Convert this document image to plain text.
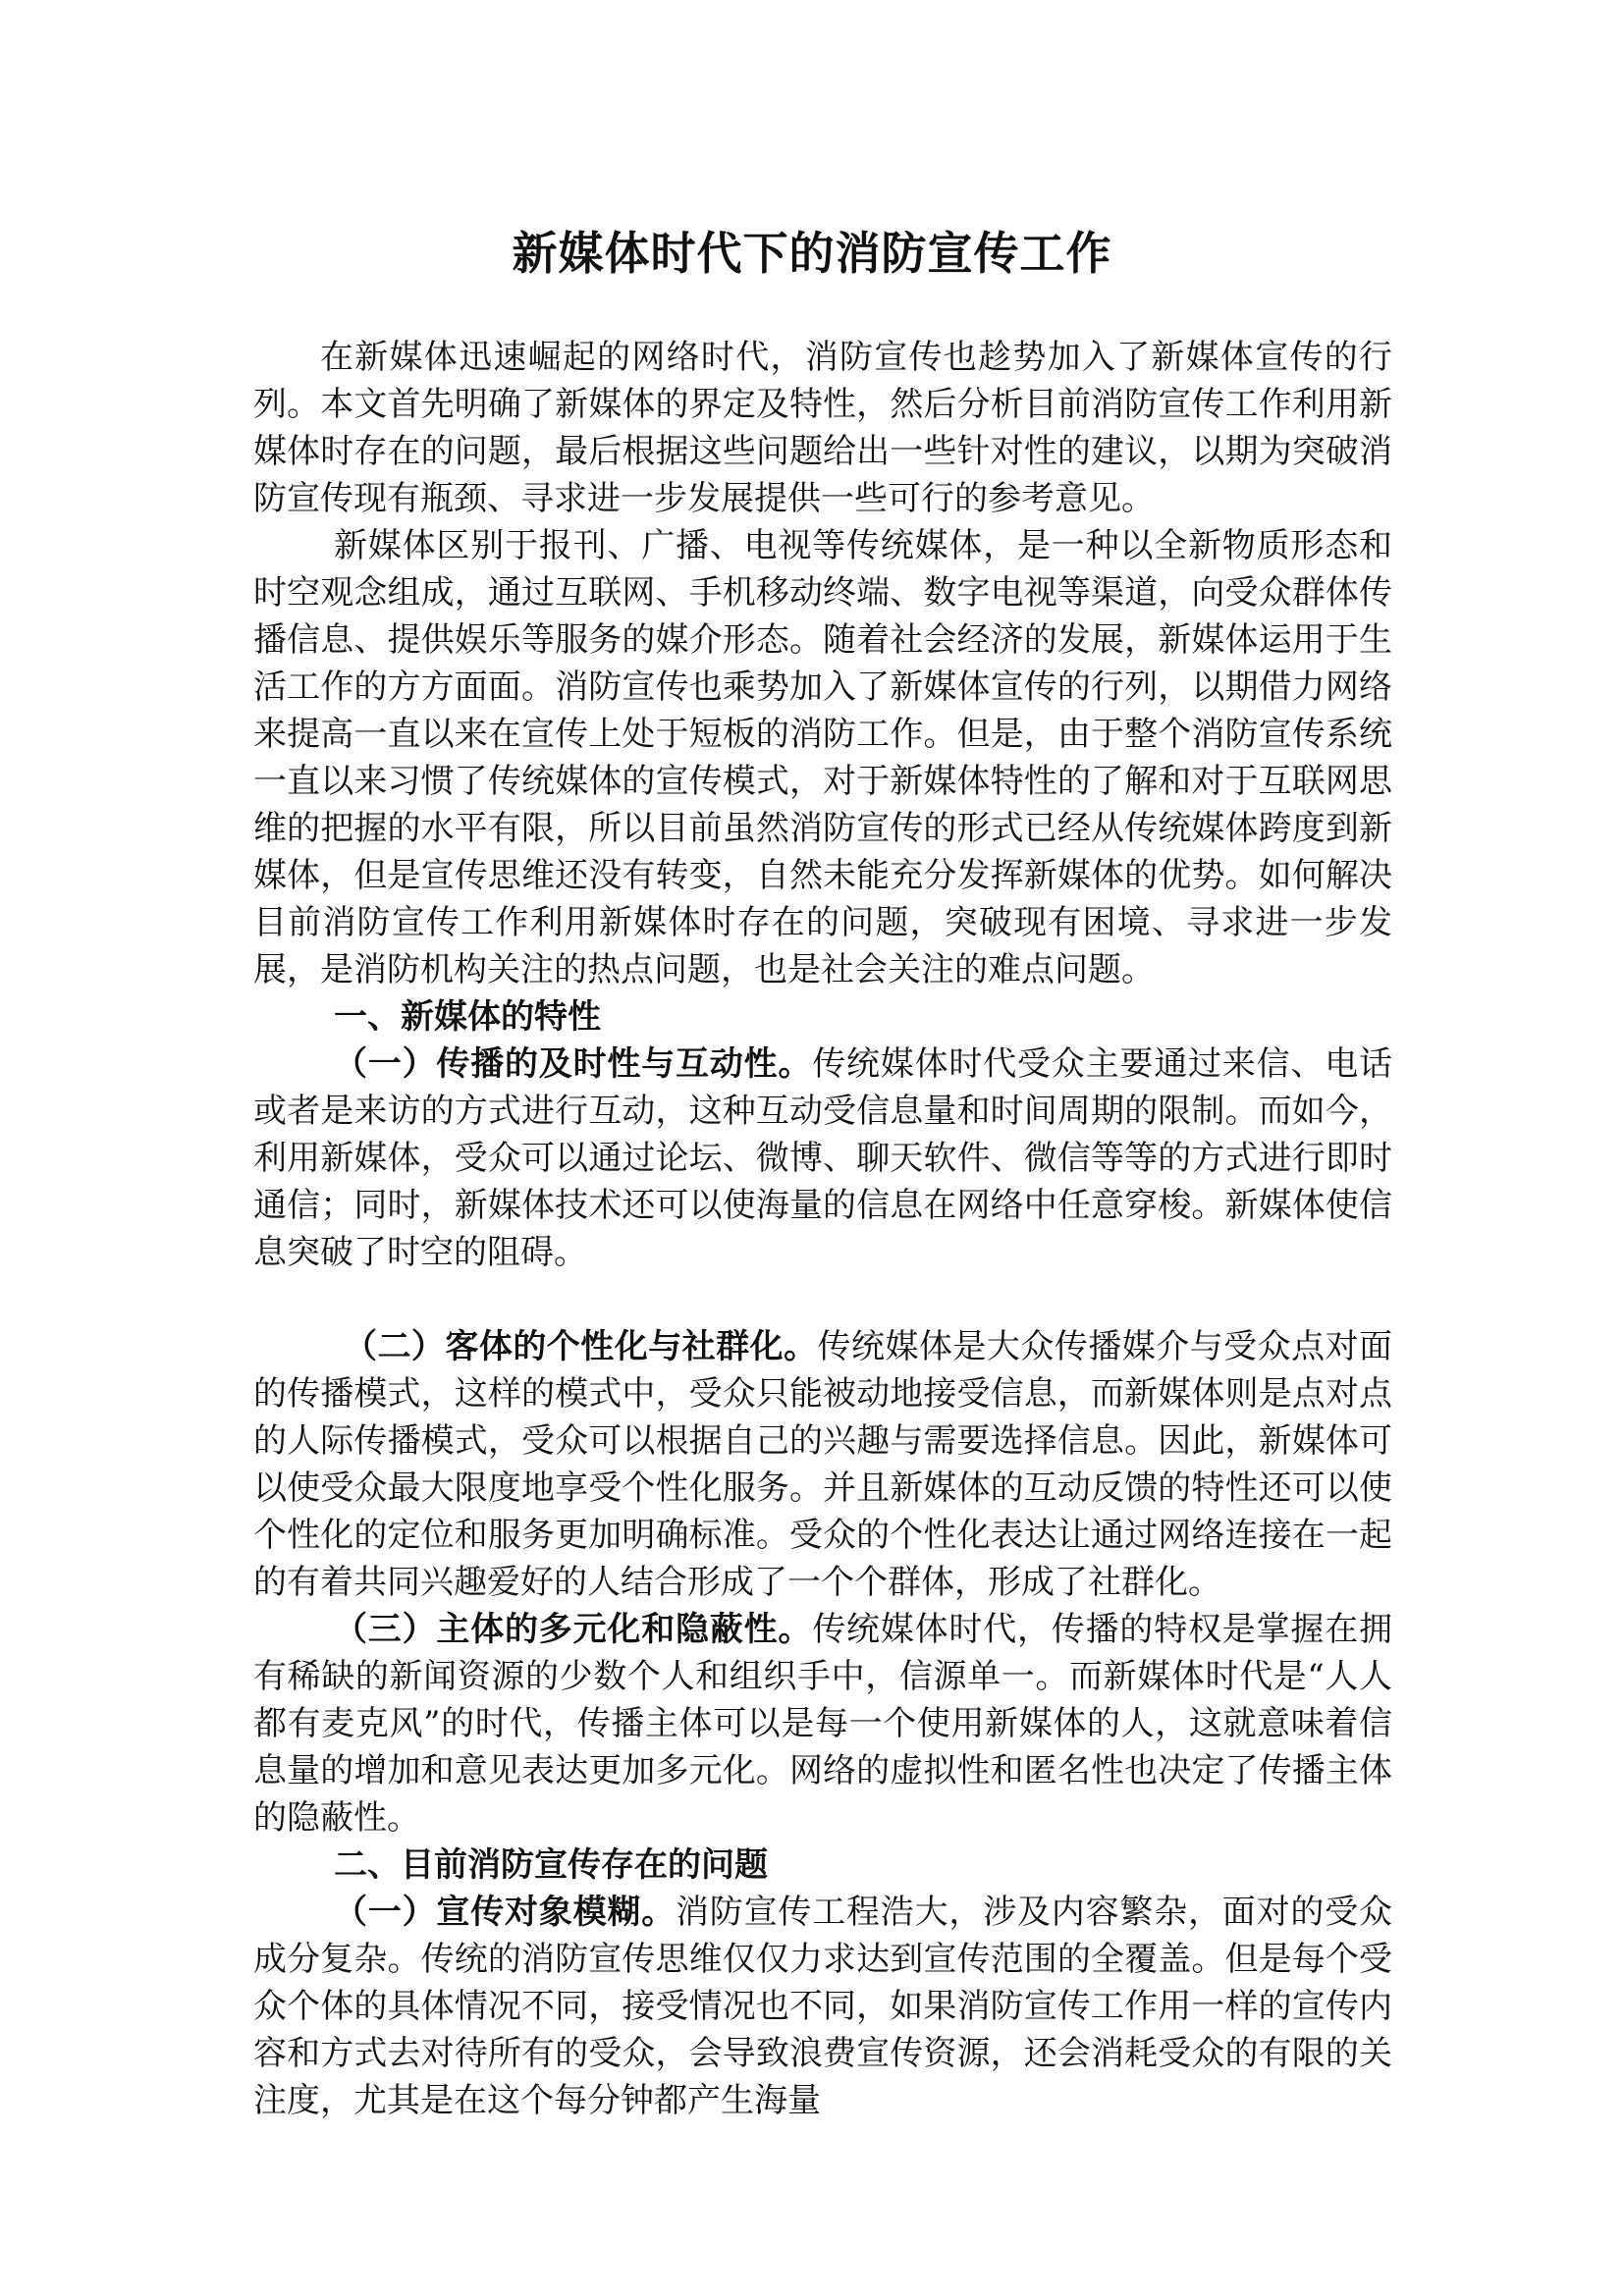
新媒体时代下的消防宣传工作

在新媒体迅速崛起的网络时代，消防宣传也趁势加入了新媒体宣传的行列。本文首先明确了新媒体的界定及特性，然后分析目前消防宣传工作利用新媒体时存在的问题，最后根据这些问题给出一些针对性的建议，以期为突破消防宣传现有瓶颈、寻求进一步发展提供一些可行的参考意见。

新媒体区别于报刊、广播、电视等传统媒体，是一种以全新物质形态和时空观念组成，通过互联网、手机移动终端、数字电视等渠道，向受众群体传播信息、提供娱乐等服务的媒介形态。随着社会经济的发展，新媒体运用于生活工作的方方面面。消防宣传也乘势加入了新媒体宣传的行列，以期借力网络来提高一直以来在宣传上处于短板的消防工作。但是，由于整个消防宣传系统一直以来习惯了传统媒体的宣传模式，对于新媒体特性的了解和对于互联网思维的把握的水平有限，所以目前虽然消防宣传的形式已经从传统媒体跨度到新媒体，但是宣传思维还没有转变，自然未能充分发挥新媒体的优势。如何解决目前消防宣传工作利用新媒体时存在的问题，突破现有困境、寻求进一步发展，是消防机构关注的热点问题，也是社会关注的难点问题。

一、新媒体的特性

（一）传播的及时性与互动性。传统媒体时代受众主要通过来信、电话或者是来访的方式进行互动，这种互动受信息量和时间周期的限制。而如今，利用新媒体，受众可以通过论坛、微博、聊天软件、微信等等的方式进行即时通信；同时，新媒体技术还可以使海量的信息在网络中任意穿梭。新媒体使信息突破了时空的阻碍。

（二）客体的个性化与社群化。传统媒体是大众传播媒介与受众点对面的传播模式，这样的模式中，受众只能被动地接受信息，而新媒体则是点对点的人际传播模式，受众可以根据自己的兴趣与需要选择信息。因此，新媒体可以使受众最大限度地享受个性化服务。并且新媒体的互动反馈的特性还可以使个性化的定位和服务更加明确标准。受众的个性化表达让通过网络连接在一起的有着共同兴趣爱好的人结合形成了一个个群体，形成了社群化。

（三）主体的多元化和隐蔽性。传统媒体时代，传播的特权是掌握在拥有稀缺的新闻资源的少数个人和组织手中，信源单一。而新媒体时代是“人人都有麦克风”的时代，传播主体可以是每一个使用新媒体的人，这就意味着信息量的增加和意见表达更加多元化。网络的虚拟性和匿名性也决定了传播主体的隐蔽性。

二、目前消防宣传存在的问题

（一）宣传对象模糊。消防宣传工程浩大，涉及内容繁杂，面对的受众成分复杂。传统的消防宣传思维仅仅力求达到宣传范围的全覆盖。但是每个受众个体的具体情况不同，接受情况也不同，如果消防宣传工作用一样的宣传内容和方式去对待所有的受众，会导致浪费宣传资源，还会消耗受众的有限的关注度，尤其是在这个每分钟都产生海量
